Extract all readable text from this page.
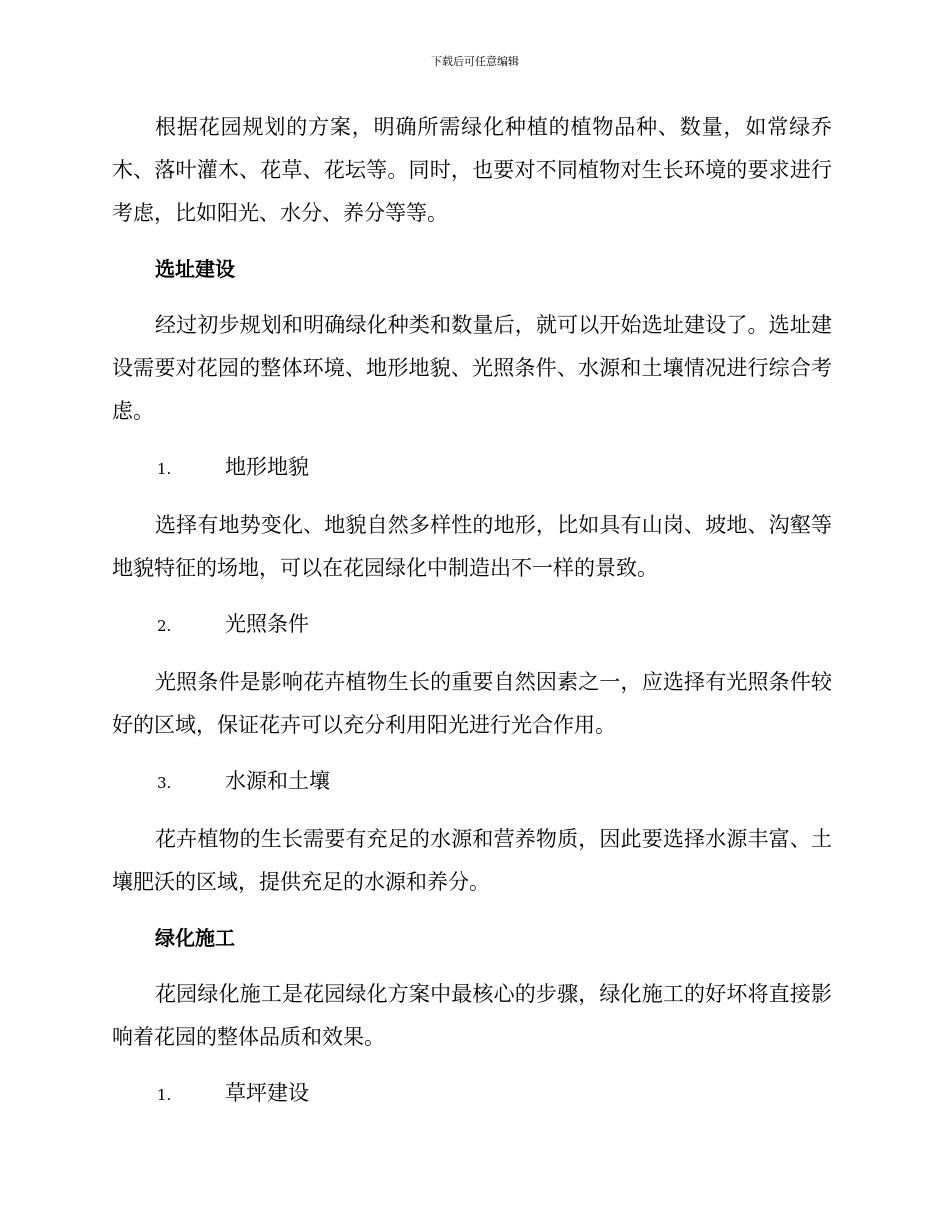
下载后可任意编辑

根据花园规划的方案，明确所需绿化种植的植物品种、数量，如常绿乔木、落叶灌木、花草、花坛等。同时，也要对不同植物对生长环境的要求进行考虑，比如阳光、水分、养分等等。

选址建设

经过初步规划和明确绿化种类和数量后，就可以开始选址建设了。选址建设需要对花园的整体环境、地形地貌、光照条件、水源和土壤情况进行综合考虑。

1.	地形地貌

选择有地势变化、地貌自然多样性的地形，比如具有山岗、坡地、沟壑等地貌特征的场地，可以在花园绿化中制造出不一样的景致。

2.	光照条件

光照条件是影响花卉植物生长的重要自然因素之一，应选择有光照条件较好的区域，保证花卉可以充分利用阳光进行光合作用。

3.	水源和土壤

花卉植物的生长需要有充足的水源和营养物质，因此要选择水源丰富、土壤肥沃的区域，提供充足的水源和养分。

绿化施工

花园绿化施工是花园绿化方案中最核心的步骤，绿化施工的好坏将直接影响着花园的整体品质和效果。

1.	草坪建设
